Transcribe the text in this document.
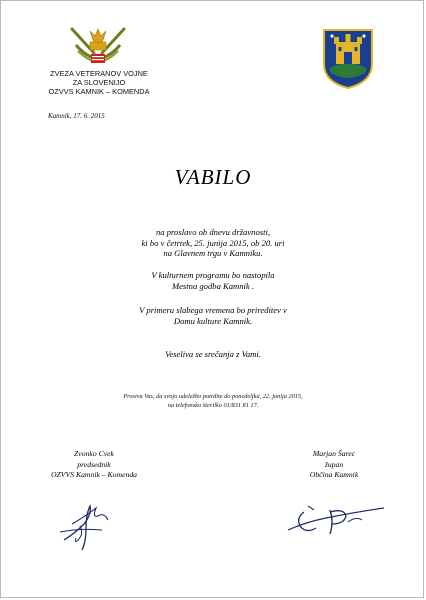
ZVEZA VETERANOV VOJNE
ZA SLOVENIJO
OZVVS KAMNIK – KOMENDA
Kamnik, 17. 6. 2015
VABILO
na proslavo ob dnevu državnosti,
ki bo v četrtek, 25. junija 2015, ob 20. uri
na Glavnem trgu v Kamniku.
V kulturnem programu bo nastopila
Mestna godba Kamnik .
V primeru slabega vremena bo prireditev v
Domu kulture Kamnik.
Veseliva se srečanja z Vami.
Prosiva Vas, da svojo udeležbo potrdite do ponedeljka, 22. junija 2015,
na telefonsko številko 01/831 81 17.
Zvonko Cvek
predsednik
OZVVS Kamnik – Komenda
Marjan Šarec
župan
Občina Kamnik
